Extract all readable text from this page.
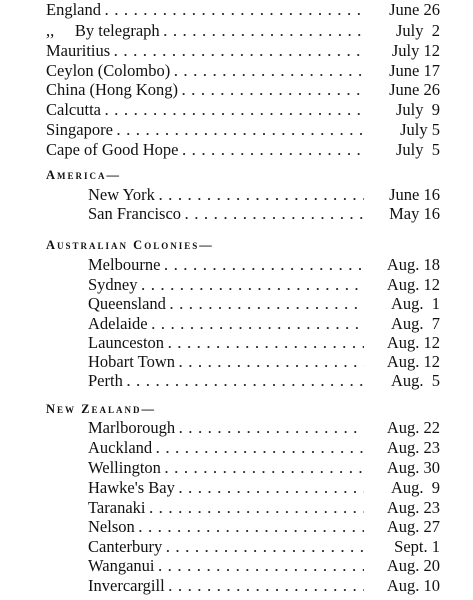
England . . .	June 26
,,     By telegraph . . .	July  2
Mauritius . . .	July 12
Ceylon (Colombo) . . .	June 17
China (Hong Kong) . . .	June 26
Calcutta . . .	July  9
Singapore . . .	July 5
Cape of Good Hope . . .	July  5
America—
New York . . .	June 16
San Francisco . . .	May 16
Australian Colonies—
Melbourne . . .	Aug. 18
Sydney . . .	Aug. 12
Queensland . . .	Aug.  1
Adelaide . . .	Aug.  7
Launceston . . .	Aug. 12
Hobart Town . . .	Aug. 12
Perth . . .	Aug.  5
New Zealand—
Marlborough . . .	Aug. 22
Auckland . . .	Aug. 23
Wellington . . .	Aug. 30
Hawke's Bay . . .	Aug.  9
Taranaki . . .	Aug. 23
Nelson . . .	Aug. 27
Canterbury . . .	Sept. 1
Wanganui . . .	Aug. 20
Invercargill . . .	Aug. 10
